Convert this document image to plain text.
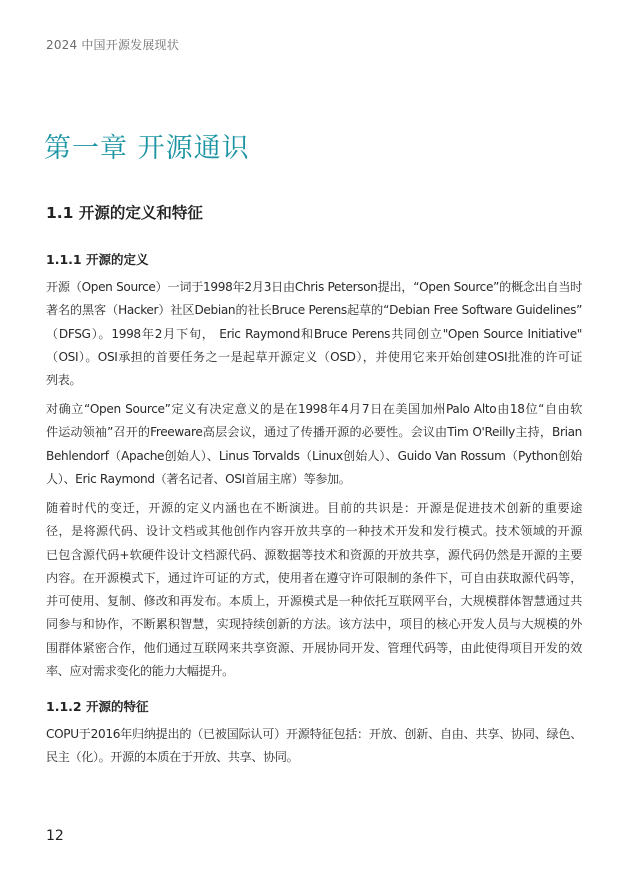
2024 中国开源发展现状
第一章 开源通识
1.1 开源的定义和特征
1.1.1 开源的定义
开源（Open Source）一词于1998年2月3日由Chris Peterson提出，“Open Source”的概念出自当时
著名的黑客（Hacker）社区Debian的社长Bruce Perens起草的“Debian Free Software Guidelines”
（DFSG）。1998年2月下旬， Eric Raymond和Bruce Perens共同创立"Open Source Initiative"
（OSI）。OSI承担的首要任务之一是起草开源定义（OSD），并使用它来开始创建OSI批准的许可证
列表。
对确立“Open Source”定义有决定意义的是在1998年4月7日在美国加州Palo Alto由18位“自由软
件运动领袖”召开的Freeware高层会议，通过了传播开源的必要性。会议由Tim O'Reilly主持，Brian
Behlendorf（Apache创始人）、Linus Torvalds（Linux创始人）、Guido Van Rossum（Python创始
人）、Eric Raymond（著名记者、OSI首届主席）等参加。
随着时代的变迁，开源的定义内涵也在不断演进。目前的共识是：开源是促进技术创新的重要途
径，是将源代码、设计文档或其他创作内容开放共享的一种技术开发和发行模式。技术领域的开源
已包含源代码+软硬件设计文档源代码、源数据等技术和资源的开放共享，源代码仍然是开源的主要
内容。在开源模式下，通过许可证的方式，使用者在遵守许可限制的条件下，可自由获取源代码等，
并可使用、复制、修改和再发布。本质上，开源模式是一种依托互联网平台，大规模群体智慧通过共
同参与和协作，不断累积智慧，实现持续创新的方法。该方法中，项目的核心开发人员与大规模的外
围群体紧密合作，他们通过互联网来共享资源、开展协同开发、管理代码等，由此使得项目开发的效
率、应对需求变化的能力大幅提升。
1.1.2 开源的特征
COPU于2016年归纳提出的（已被国际认可）开源特征包括：开放、创新、自由、共享、协同、绿色、
民主（化）。开源的本质在于开放、共享、协同。
12
